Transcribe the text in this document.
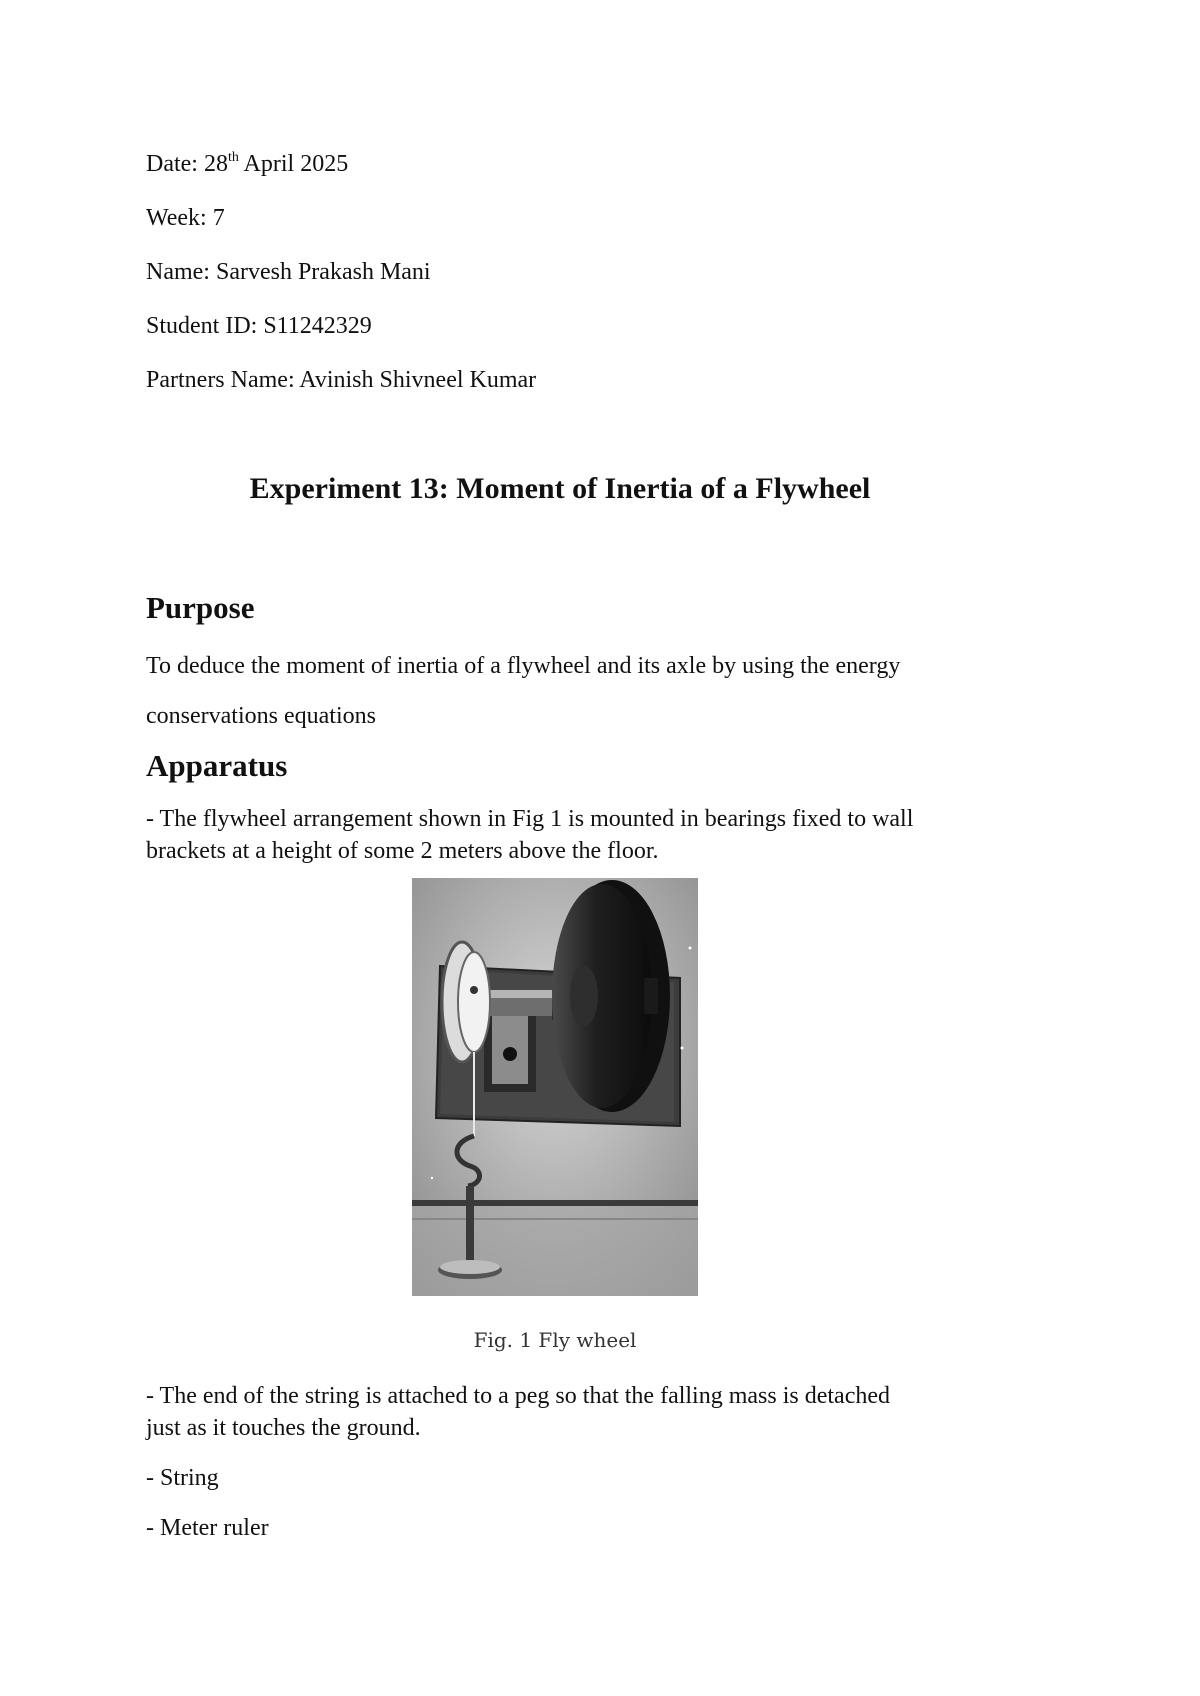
Date: 28th April 2025
Week: 7
Name: Sarvesh Prakash Mani
Student ID: S11242329
Partners Name: Avinish Shivneel Kumar
Experiment 13: Moment of Inertia of a Flywheel
Purpose
To deduce the moment of inertia of a flywheel and its axle by using the energy
conservations equations
Apparatus
- The flywheel arrangement shown in Fig 1 is mounted in bearings fixed to wall
brackets at a height of some 2 meters above the floor.
Fig. 1 Fly wheel
- The end of the string is attached to a peg so that the falling mass is detached
just as it touches the ground.
- String
- Meter ruler
